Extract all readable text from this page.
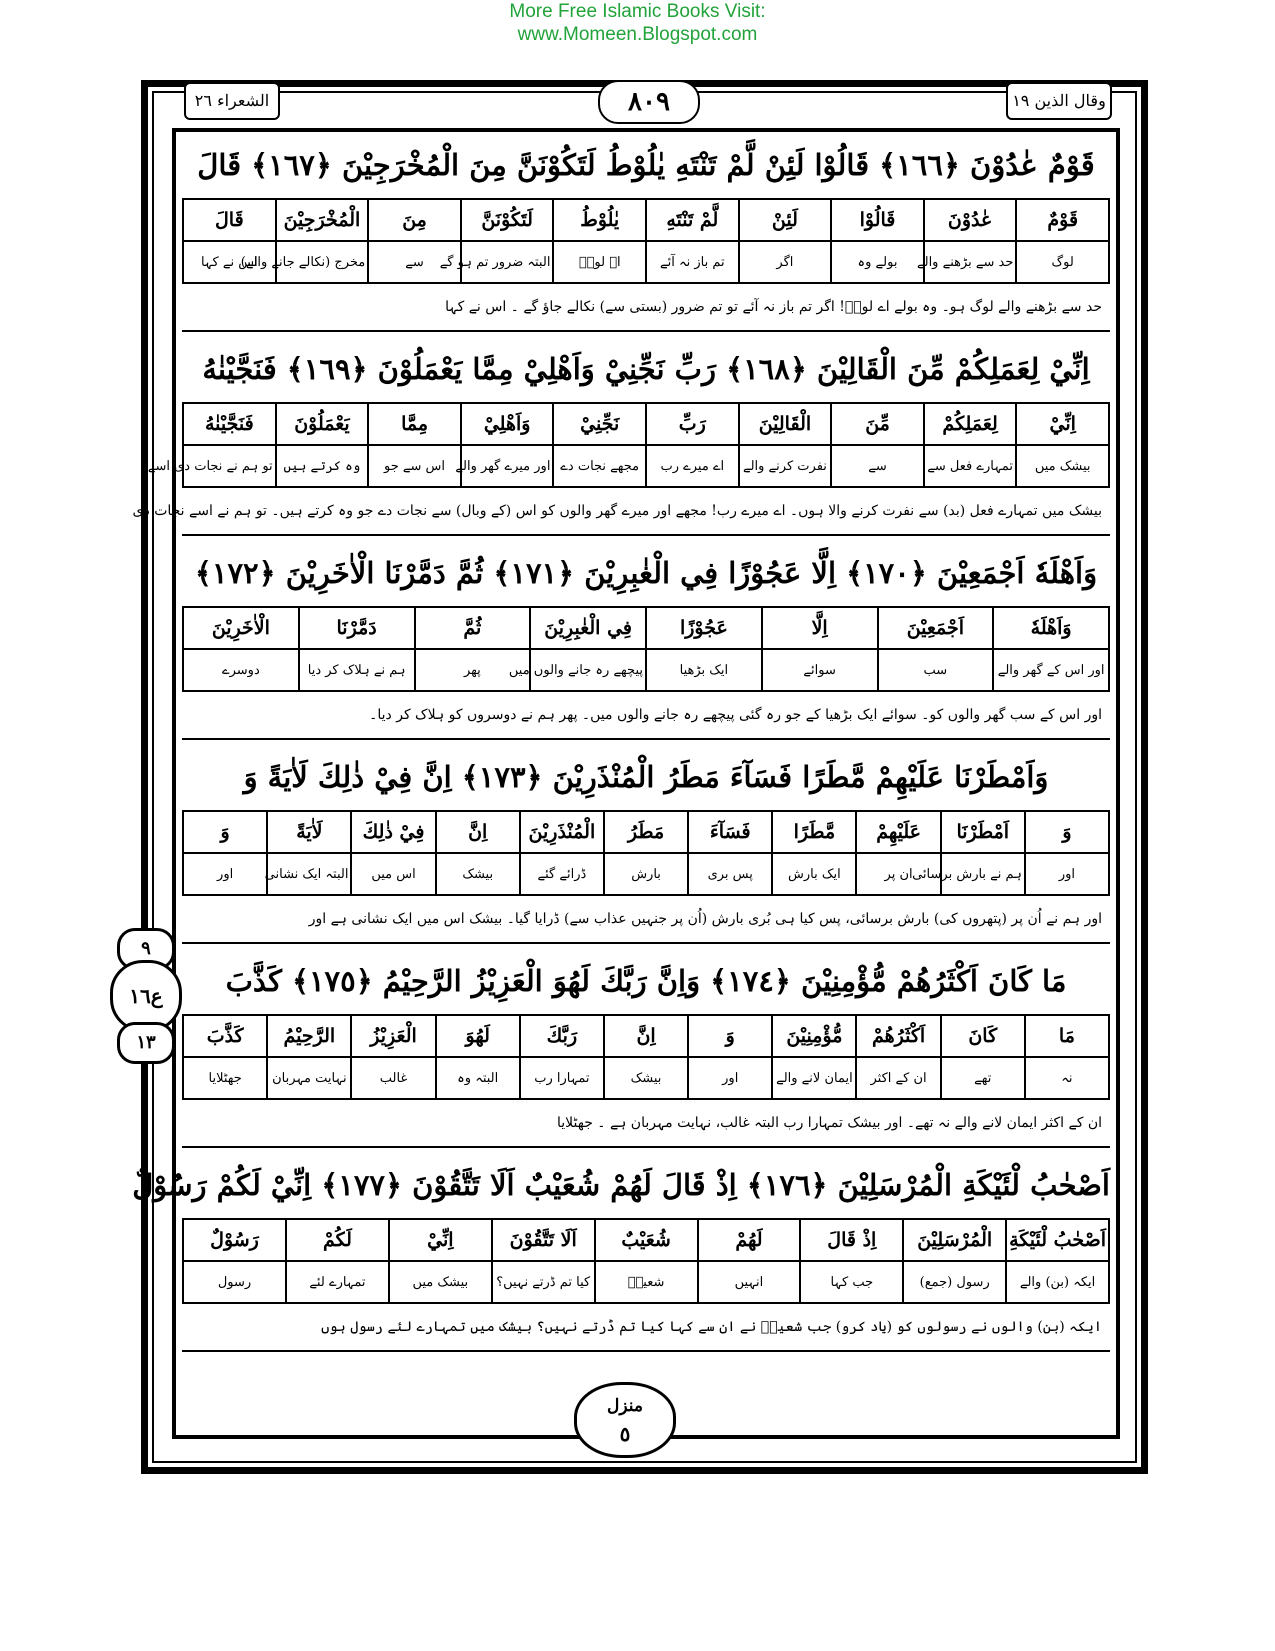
More Free Islamic Books Visit:
www.Momeen.Blogspot.com
وقال الذين ١٩
الشعراء ٢٦	٨٠٩
قَوْمٌ عٰدُوْنَ ﴿١٦٦﴾ قَالُوْا لَئِنْ لَّمْ تَنْتَهِ يٰلُوْطُ لَتَكُوْنَنَّ مِنَ الْمُخْرَجِيْنَ ﴿١٦٧﴾ قَالَ
قَوْمٌ	عٰدُوْنَ	قَالُوْا	لَئِنْ	لَّمْ تَنْتَهِ	يٰلُوْطُ	لَتَكُوْنَنَّ	مِنَ	الْمُخْرَجِيْنَ	قَالَ
لوگ	حد سے بڑھنے والے	بولے وہ	اگر	تم باز نہ آئے	اے لوطؑ	البتہ ضرور تم ہو گے	سے	مخرج (نکالے جانے والے)	اس نے کہا
حد سے بڑھنے والے لوگ ہو۔ وہ بولے اے لوطؑ! اگر تم باز نہ آئے تو تم ضرور (بستی سے) نکالے جاؤ گے ۔ اس نے کہا
اِنِّيْ لِعَمَلِكُمْ مِّنَ الْقَالِيْنَ ﴿١٦٨﴾ رَبِّ نَجِّنِيْ وَاَهْلِيْ مِمَّا يَعْمَلُوْنَ ﴿١٦٩﴾ فَنَجَّيْنٰهُ
اِنِّيْ	لِعَمَلِكُمْ	مِّنَ	الْقَالِيْنَ	رَبِّ	نَجِّنِيْ	وَاَهْلِيْ	مِمَّا	يَعْمَلُوْنَ	فَنَجَّيْنٰهُ
بیشک میں	تمہارے فعل سے	سے	نفرت کرنے والے	اے میرے رب	مجھے نجات دے	اور میرے گھر والے	اس سے جو	وہ کرتے ہیں	تو ہم نے نجات دی اسے
بیشک میں تمہارے فعل (بد) سے نفرت کرنے والا ہوں۔ اے میرے رب! مجھے اور میرے گھر والوں کو اس (کے وبال) سے نجات دے جو وہ کرتے ہیں۔ تو ہم نے اسے نجات دی
وَاَهْلَهٗ اَجْمَعِيْنَ ﴿١٧٠﴾ اِلَّا عَجُوْزًا فِي الْغٰبِرِيْنَ ﴿١٧١﴾ ثُمَّ دَمَّرْنَا الْاٰخَرِيْنَ ﴿١٧٢﴾
وَاَهْلَهٗ	اَجْمَعِيْنَ	اِلَّا	عَجُوْزًا	فِي الْغٰبِرِيْنَ	ثُمَّ	دَمَّرْنَا	الْاٰخَرِيْنَ
اور اس کے گھر والے	سب	سوائے	ایک بڑھیا	پیچھے رہ جانے والوں میں	پھر	ہم نے ہلاک کر دیا	دوسرے
اور اس کے سب گھر والوں کو۔ سوائے ایک بڑھیا کے جو رہ گئی پیچھے رہ جانے والوں میں۔ پھر ہم نے دوسروں کو ہلاک کر دیا۔
وَاَمْطَرْنَا عَلَيْهِمْ مَّطَرًا فَسَآءَ مَطَرُ الْمُنْذَرِيْنَ ﴿١٧٣﴾ اِنَّ فِيْ ذٰلِكَ لَاٰيَةً وَ
وَ	اَمْطَرْنَا	عَلَيْهِمْ	مَّطَرًا	فَسَآءَ	مَطَرُ	الْمُنْذَرِيْنَ	اِنَّ	فِيْ ذٰلِكَ	لَاٰيَةً	وَ
اور	ہم نے بارش برسائی	ان پر	ایک بارش	پس بری	بارش	ڈرائے گئے	بیشک	اس میں	البتہ ایک نشانی	اور
اور ہم نے اُن پر (پتھروں کی) بارش برسائی، پس کیا ہی بُری بارش (اُن پر جنہیں عذاب سے) ڈرایا گیا۔ بیشک اس میں ایک نشانی ہے اور
مَا كَانَ اَكْثَرُهُمْ مُّؤْمِنِيْنَ ﴿١٧٤﴾ وَاِنَّ رَبَّكَ لَهُوَ الْعَزِيْزُ الرَّحِيْمُ ﴿١٧٥﴾ كَذَّبَ
مَا	كَانَ	اَكْثَرُهُمْ	مُّؤْمِنِيْنَ	وَ	اِنَّ	رَبَّكَ	لَهُوَ	الْعَزِيْزُ	الرَّحِيْمُ	كَذَّبَ
نہ	تھے	ان کے اکثر	ایمان لانے والے	اور	بیشک	تمہارا رب	البتہ وہ	غالب	نہایت مہربان	جھٹلایا
ان کے اکثر ایمان لانے والے نہ تھے۔ اور بیشک تمہارا رب البتہ غالب، نہایت مہربان ہے ۔ جھٹلایا
اَصْحٰبُ لْئَيْكَةِ الْمُرْسَلِيْنَ ﴿١٧٦﴾ اِذْ قَالَ لَهُمْ شُعَيْبٌ اَلَا تَتَّقُوْنَ ﴿١٧٧﴾ اِنِّيْ لَكُمْ رَسُوْلٌ
اَصْحٰبُ لْئَيْكَةِ	الْمُرْسَلِيْنَ	اِذْ قَالَ	لَهُمْ	شُعَيْبٌ	اَلَا تَتَّقُوْنَ	اِنِّيْ	لَكُمْ	رَسُوْلٌ
ایکہ (بن) والے	رسول (جمع)	جب کہا	انہیں	شعیبؑ	کیا تم ڈرتے نہیں؟	بیشک میں	تمہارے لئے	رسول
ایکہ (بن) والوں نے رسولوں کو (یاد کرو) جب شعیبؑ نے ان سے کہا کیا تم ڈرتے نہیں؟ بیشک میں تمہارے لئے رسول ہوں
٩
ع١٦
١٣
منزل
٥
